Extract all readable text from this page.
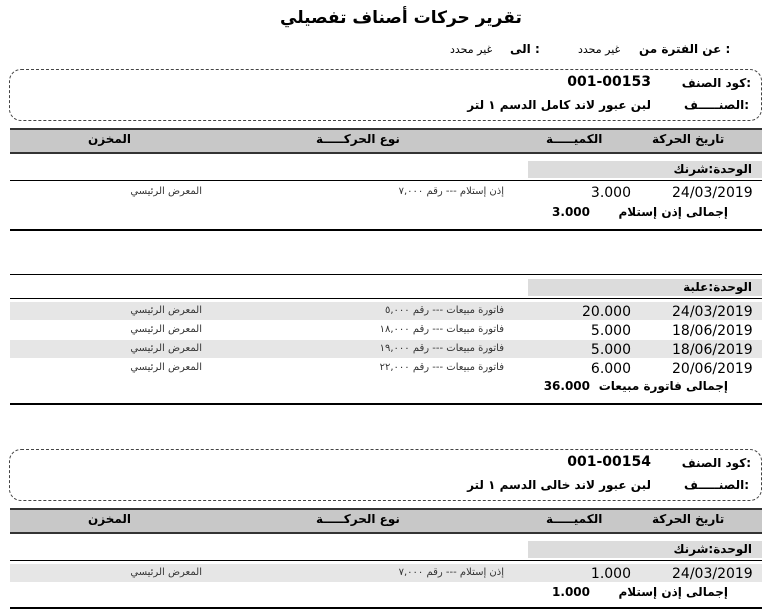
تقرير حركات أصناف تفصيلي
عن الفترة من :
غير محدد
الى :
غير محدد
كود الصنف:
001-00153
الصنـــــف:
لبن عبور لاند كامل الدسم ١ لتر
تاريخ الحركة
الكميـــــة
نوع الحركـــــة
المخزن
الوحدة:شرنك
24/03/2019
3.000
إذن إستلام --- رقم ٧,٠٠٠
المعرض الرئيسي
إجمالى إذن إستلام
3.000
الوحدة:علبة
24/03/2019
20.000
فاتورة مبيعات --- رقم ٥,٠٠٠
المعرض الرئيسي
18/06/2019
5.000
فاتورة مبيعات --- رقم ١٨,٠٠٠
المعرض الرئيسي
18/06/2019
5.000
فاتورة مبيعات --- رقم ١٩,٠٠٠
المعرض الرئيسي
20/06/2019
6.000
فاتورة مبيعات --- رقم ٢٢,٠٠٠
المعرض الرئيسي
إجمالى فاتورة مبيعات
36.000
كود الصنف:
001-00154
الصنـــــف:
لبن عبور لاند خالى الدسم ١ لتر
تاريخ الحركة
الكميـــــة
نوع الحركـــــة
المخزن
الوحدة:شرنك
24/03/2019
1.000
إذن إستلام --- رقم ٧,٠٠٠
المعرض الرئيسي
إجمالى إذن إستلام
1.000
